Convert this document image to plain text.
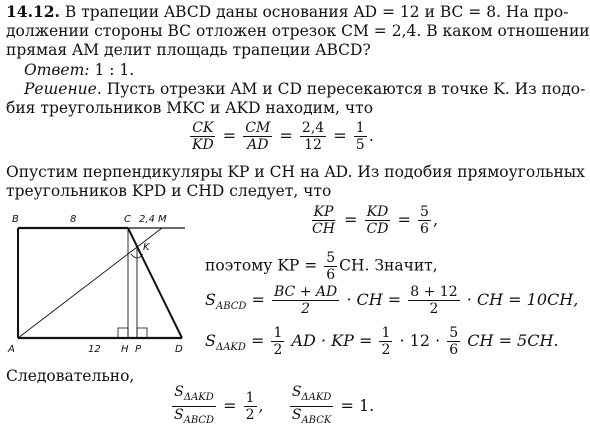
14.12. В трапеции ABCD даны основания AD = 12 и BC = 8. На про-
должении стороны BC отложен отрезок CM = 2,4. В каком отношении
прямая AM делит площадь трапеции ABCD?
Ответ: 1 : 1.
Решение. Пусть отрезки AM и CD пересекаются в точке K. Из подо-
бия треугольников MKC и AKD находим, что
$\frac{CK}{KD} = \frac{CM}{AD} = \frac{2,4}{12} = \frac{1}{5}$ .
Опустим перпендикуляры KP и CH на AD. Из подобия прямоугольных
треугольников KPD и CHD следует, что
$\frac{KP}{CH} = \frac{KD}{CD} = \frac{5}{6}$ ,
поэтому KP = $\frac{5}{6}$ CH. Значит,
$S_{ABCD} = \frac{BC + AD}{2}$ · CH = $\frac{8 + 12}{2}$ · CH = 10CH,
$S_{\Delta AKD} = \frac{1}{2}$ AD · KP = $\frac{1}{2} \cdot 12 \cdot \frac{5}{6}$ CH = 5CH.
Следовательно,
$\frac{S_{\Delta AKD}}{S_{ABCD}} = \frac{1}{2}$ , $\frac{S_{\Delta AKD}}{S_{ABCK}} = 1$.
B	8	C 2,4 M
K
A	12 H P	D
